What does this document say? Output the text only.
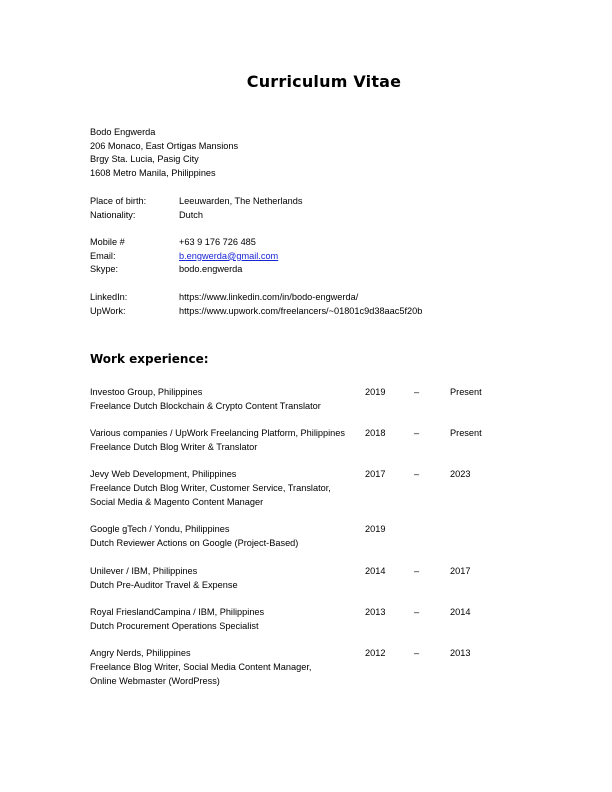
Curriculum Vitae
Bodo Engwerda
206 Monaco, East Ortigas Mansions
Brgy Sta. Lucia, Pasig City
1608 Metro Manila, Philippines
Place of birth:	Leeuwarden, The Netherlands
Nationality:	Dutch
Mobile #	+63 9 176 726 485
Email:	b.engwerda@gmail.com
Skype:	bodo.engwerda
LinkedIn:	https://www.linkedin.com/in/bodo-engwerda/
UpWork:	https://www.upwork.com/freelancers/~01801c9d38aac5f20b
Work experience:
Investoo Group, Philippines
Freelance Dutch Blockchain & Crypto Content Translator
2019	–	Present
Various companies / UpWork Freelancing Platform, Philippines
Freelance Dutch Blog Writer & Translator
2018	–	Present
Jevy Web Development, Philippines
Freelance Dutch Blog Writer, Customer Service, Translator,
Social Media & Magento Content Manager
2017	–	2023
Google gTech / Yondu, Philippines
Dutch Reviewer Actions on Google (Project-Based)
2019
Unilever / IBM, Philippines
Dutch Pre-Auditor Travel & Expense
2014	–	2017
Royal FrieslandCampina / IBM, Philippines
Dutch Procurement Operations Specialist
2013	–	2014
Angry Nerds, Philippines
Freelance Blog Writer, Social Media Content Manager,
Online Webmaster (WordPress)
2012	–	2013
